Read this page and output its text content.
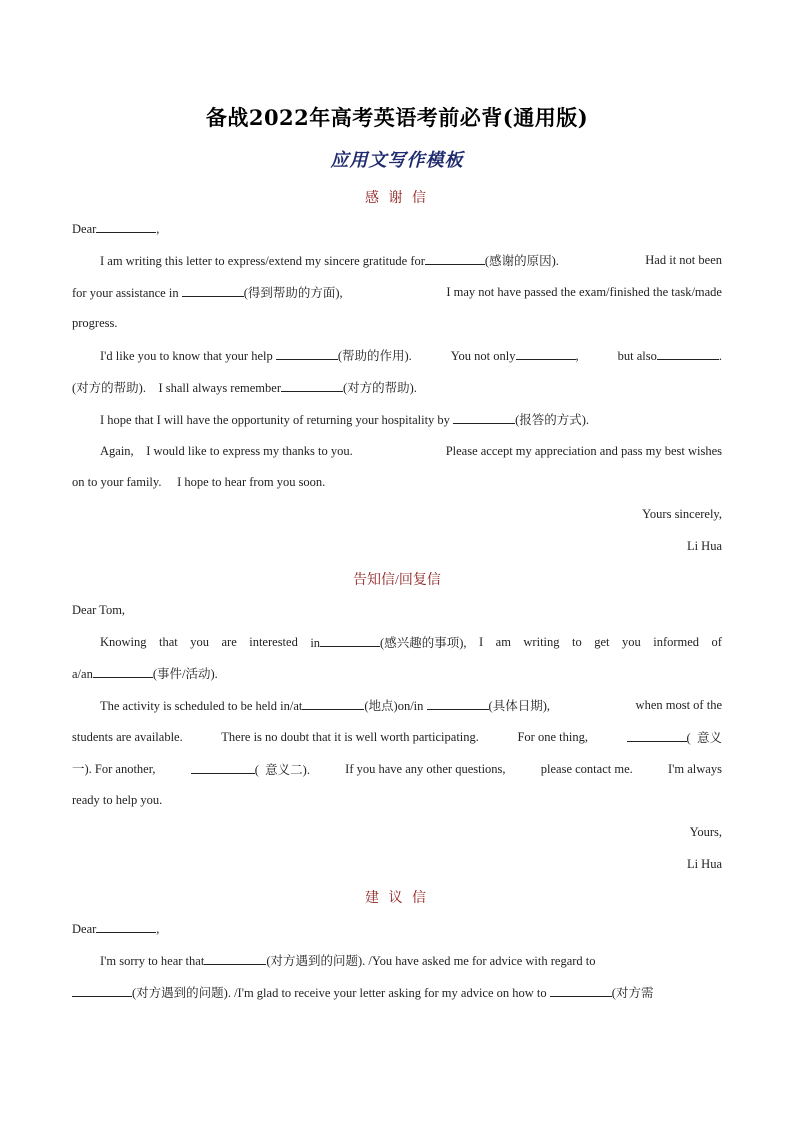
备战2022年高考英语考前必背(通用版)
应用文写作模板
感 谢 信
Dear	,
I am writing this letter to express/extend my sincere gratitude for	(感谢的原因).	Had it not been
for your assistance in	(得到帮助的方面),	I may not have passed the exam/finished the task/made
progress.
I'd like you to know that your help	(帮助的作用).	You not only	,	but also	.
(对方的帮助). I shall always remember	(对方的帮助).
I hope that I will have the opportunity of returning your hospitality by	(报答的方式).
Again, I would like to express my thanks to you.	Please accept my appreciation and pass my best wishes
on to your family. I hope to hear from you soon.
Yours sincerely,
Li Hua
告知信/回复信
Dear Tom,
Knowing that you are interested in	(感兴趣的事项), I am writing to get you informed of
a/an	(事件/活动).
The activity is scheduled to be held in/at	(地点)on/in	(具体日期),	when most of the
students are available.	There is no doubt that it is well worth participating.	For one thing,	( 意义
一). For another,	( 意义二).	If you have any other questions,	please contact me.	I'm always
ready to help you.
Yours,
Li Hua
建 议 信
Dear	,
I'm sorry to hear that	(对方遇到的问题). /You have asked me for advice with regard to
(对方遇到的问题). /I'm glad to receive your letter asking for my advice on how to	(对方需
